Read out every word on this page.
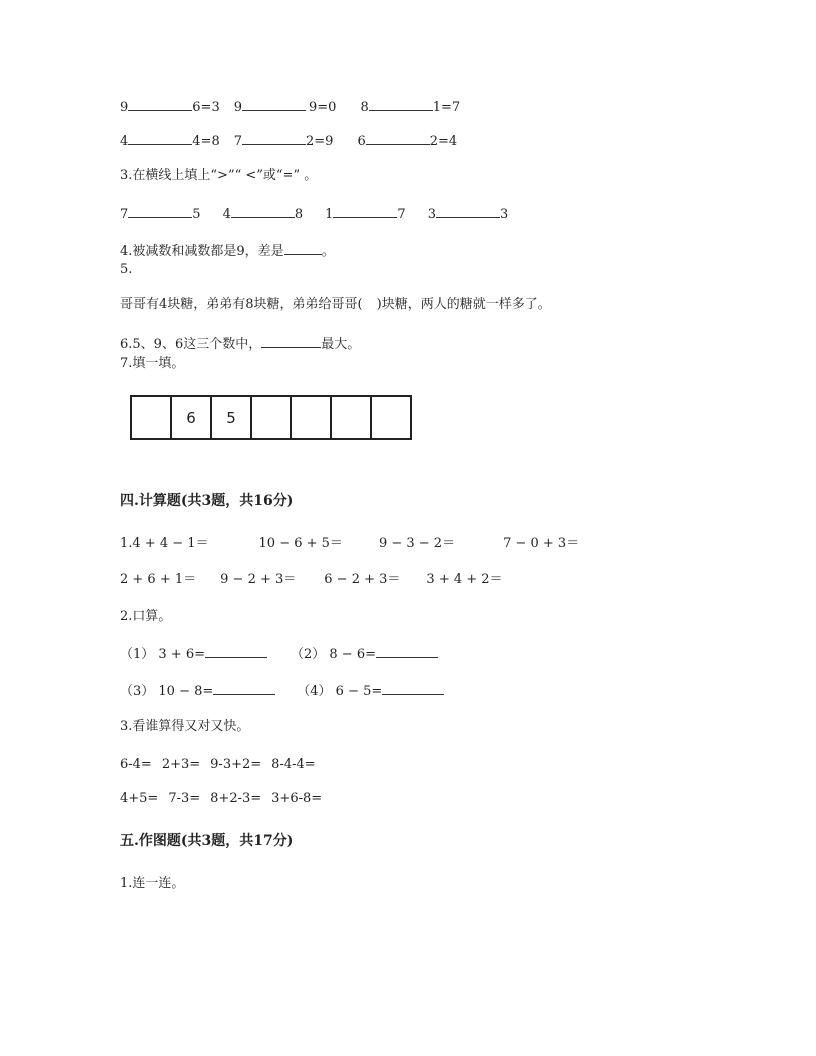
9	6=3 9	9=0 8	1=7
4	4=8 7	2=9 6	2=4
3.在横线上填上“>”“ <”或“=” 。
7	5 4	8 1	7 3	3
4.被减数和减数都是9，差是	。
5.
哥哥有4块糖，弟弟有8块糖，弟弟给哥哥( )块糖，两人的糖就一样多了。
6.5、9、6这三个数中，	最大。
7.填一填。
6	5
四.计算题(共3题，共16分)
1.4 + 4 − 1＝	10 − 6 + 5＝	9 − 3 − 2＝	7 − 0 + 3＝
2 + 6 + 1＝ 9 − 2 + 3＝ 6 − 2 + 3＝ 3 + 4 + 2＝
2.口算。
（1） 3 + 6=	（2） 8 − 6=
（3） 10 − 8=	（4） 6 − 5=
3.看谁算得又对又快。
6-4= 2+3= 9-3+2= 8-4-4=
4+5= 7-3= 8+2-3= 3+6-8=
五.作图题(共3题，共17分)
1.连一连。
